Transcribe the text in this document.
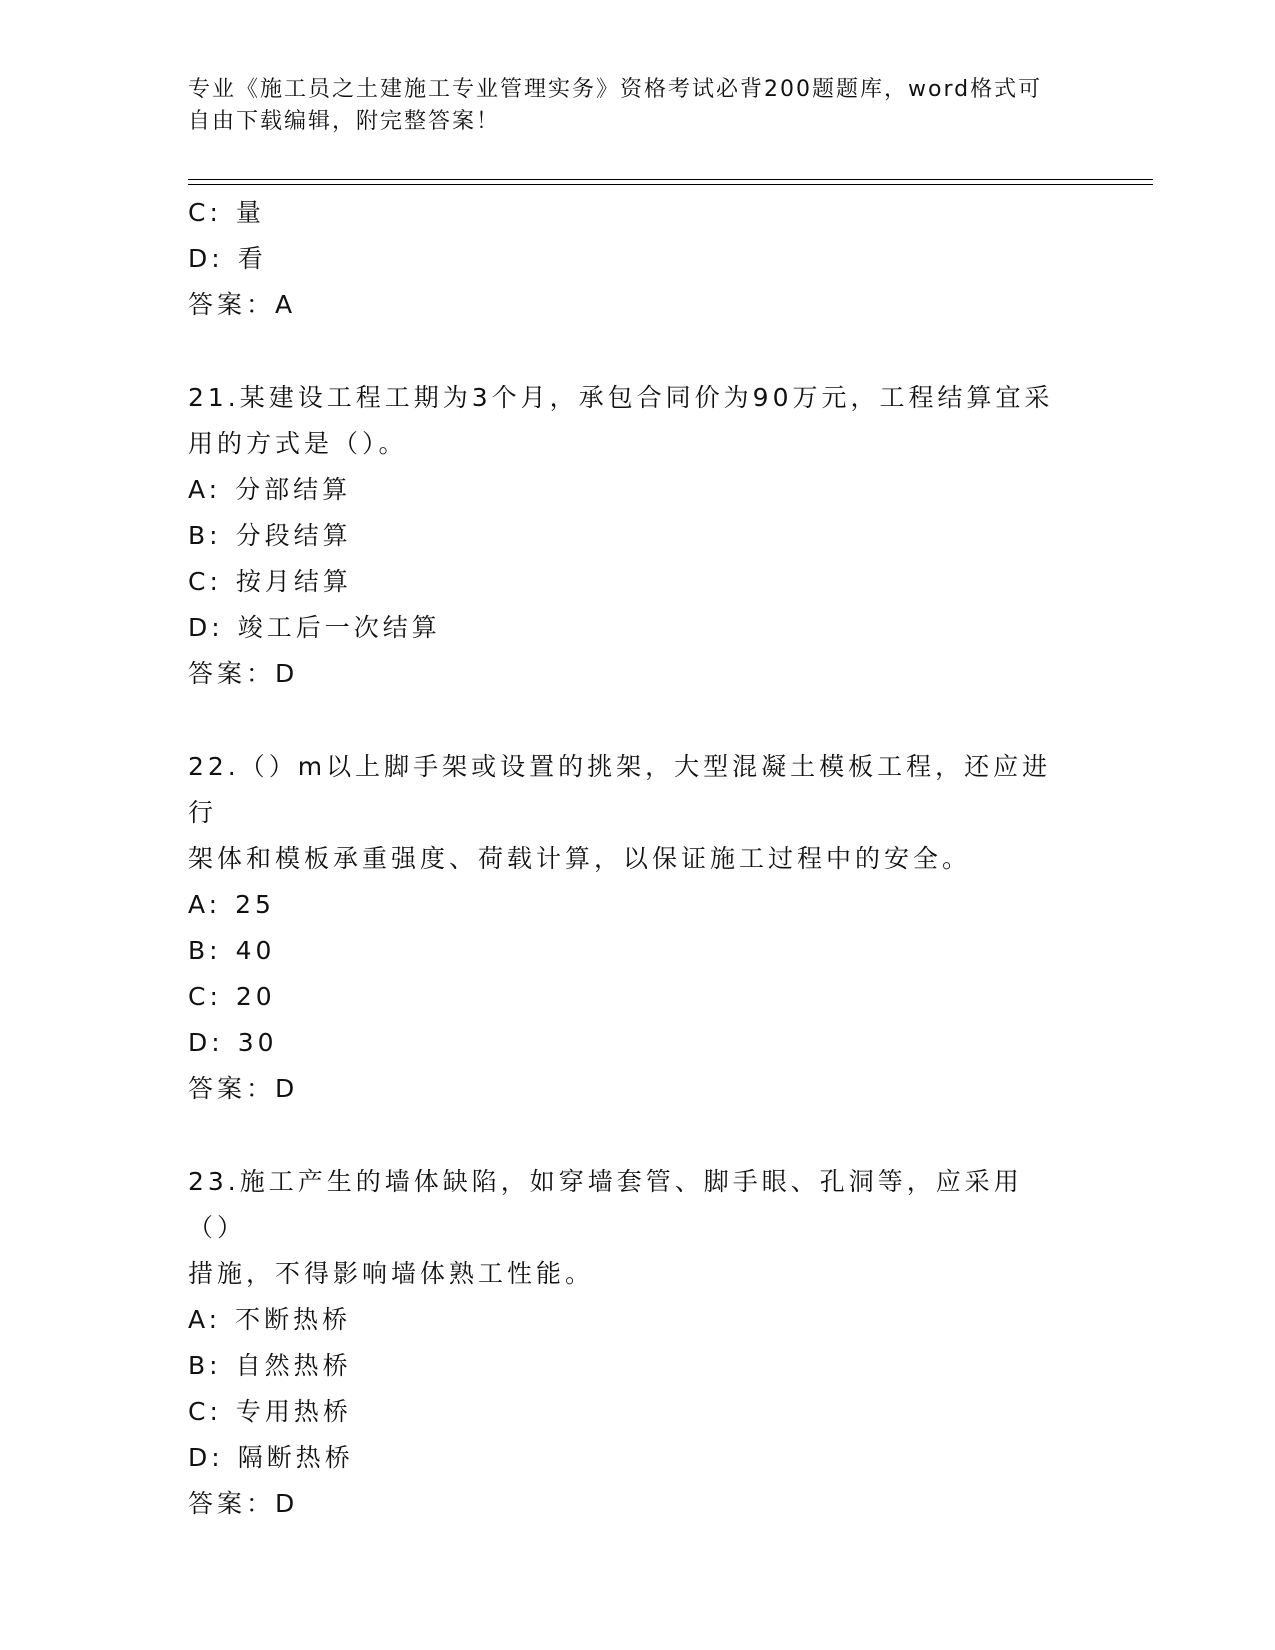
专业《施工员之土建施工专业管理实务》资格考试必背200题题库，word格式可
自由下载编辑，附完整答案！
C: 量
D: 看
答案：A
21.某建设工程工期为3个月，承包合同价为90万元，工程结算宜采
用的方式是（）。
A: 分部结算
B: 分段结算
C: 按月结算
D: 竣工后一次结算
答案：D
22.（）m以上脚手架或设置的挑架，大型混凝土模板工程，还应进行
架体和模板承重强度、荷载计算，以保证施工过程中的安全。
A: 25
B: 40
C: 20
D: 30
答案：D
23.施工产生的墙体缺陷，如穿墙套管、脚手眼、孔洞等，应采用（）
措施，不得影响墙体熟工性能。
A: 不断热桥
B: 自然热桥
C: 专用热桥
D: 隔断热桥
答案：D
